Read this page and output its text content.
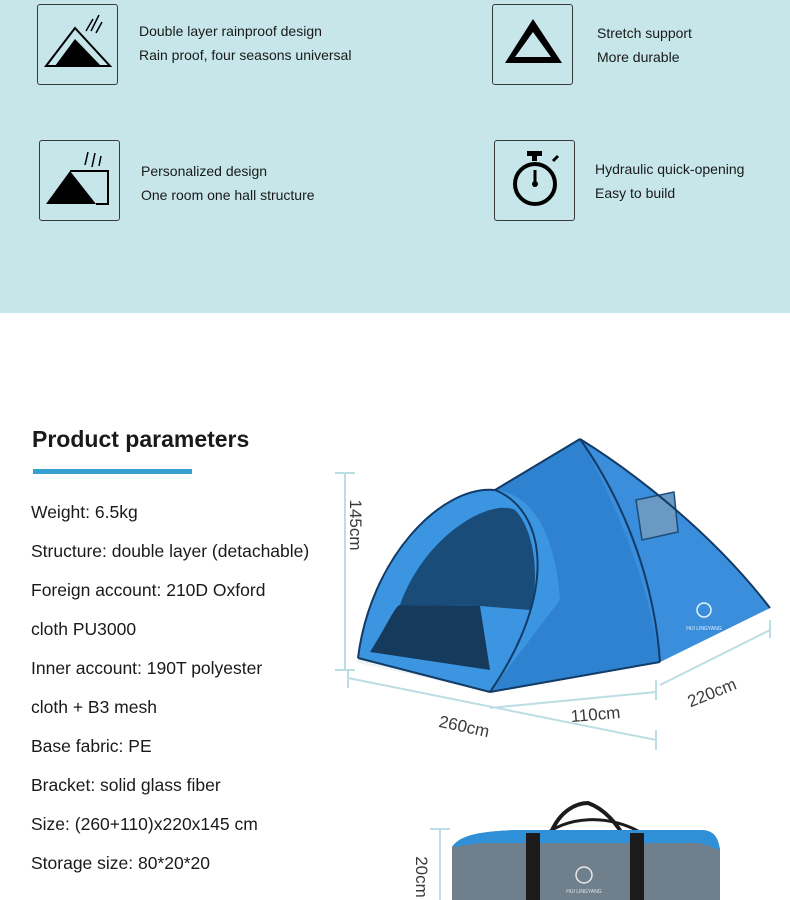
Double layer rainproof design
Rain proof, four seasons universal
Stretch support
More durable
Personalized design
One room one hall structure
Hydraulic quick-opening
Easy to build
Product parameters
Weight: 6.5kg
Structure: double layer (detachable)
Foreign account: 210D Oxford
cloth PU3000
Inner account: 190T polyester
cloth + B3 mesh
Base fabric: PE
Bracket: solid glass fiber
Size: (260+110)x220x145 cm
Storage size: 80*20*20
145cm
260cm	110cm
220cm
HUI LINGYANG
20cm	HUI LINGYANG
